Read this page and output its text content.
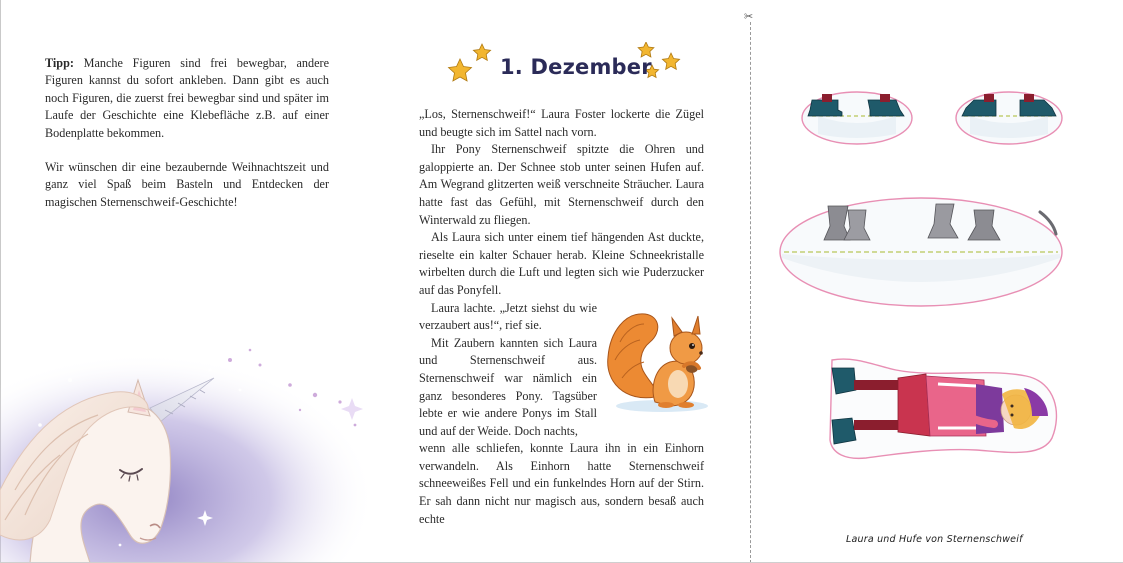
Tipp: Manche Figuren sind frei bewegbar, andere Figuren kannst du sofort ankleben. Dann gibt es auch noch Figuren, die zuerst frei bewegbar sind und später im Laufe der Geschichte eine Klebefläche z.B. auf einer Bodenplatte bekommen.

Wir wünschen dir eine bezaubernde Weihnachtszeit und ganz viel Spaß beim Basteln und Entdecken der magischen Sternenschweif-Geschichte!

1. Dezember

„Los, Sternenschweif!“ Laura Foster lockerte die Zügel und beugte sich im Sattel nach vorn.

Ihr Pony Sternenschweif spitzte die Ohren und galoppierte an. Der Schnee stob unter seinen Hufen auf. Am Wegrand glitzerten weiß verschneite Sträucher. Laura hatte fast das Gefühl, mit Sternenschweif durch den Winterwald zu fliegen.

Als Laura sich unter einem tief hängenden Ast duckte, rieselte ein kalter Schauer herab. Kleine Schneekristalle wirbelten durch die Luft und legten sich wie Puderzucker auf das Ponyfell.

Laura lachte. „Jetzt siehst du wie verzaubert aus!“, rief sie.

Mit Zaubern kannten sich Laura und Sternenschweif aus. Sternenschweif war nämlich ein ganz besonderes Pony. Tagsüber lebte er wie andere Ponys im Stall und auf der Weide. Doch nachts,

wenn alle schliefen, konnte Laura ihn in ein Einhorn verwandeln. Als Einhorn hatte Sternenschweif schneeweißes Fell und ein funkelndes Horn auf der Stirn. Er sah dann nicht nur magisch aus, sondern besaß auch echte

✂
Laura und Hufe von Sternenschweif
